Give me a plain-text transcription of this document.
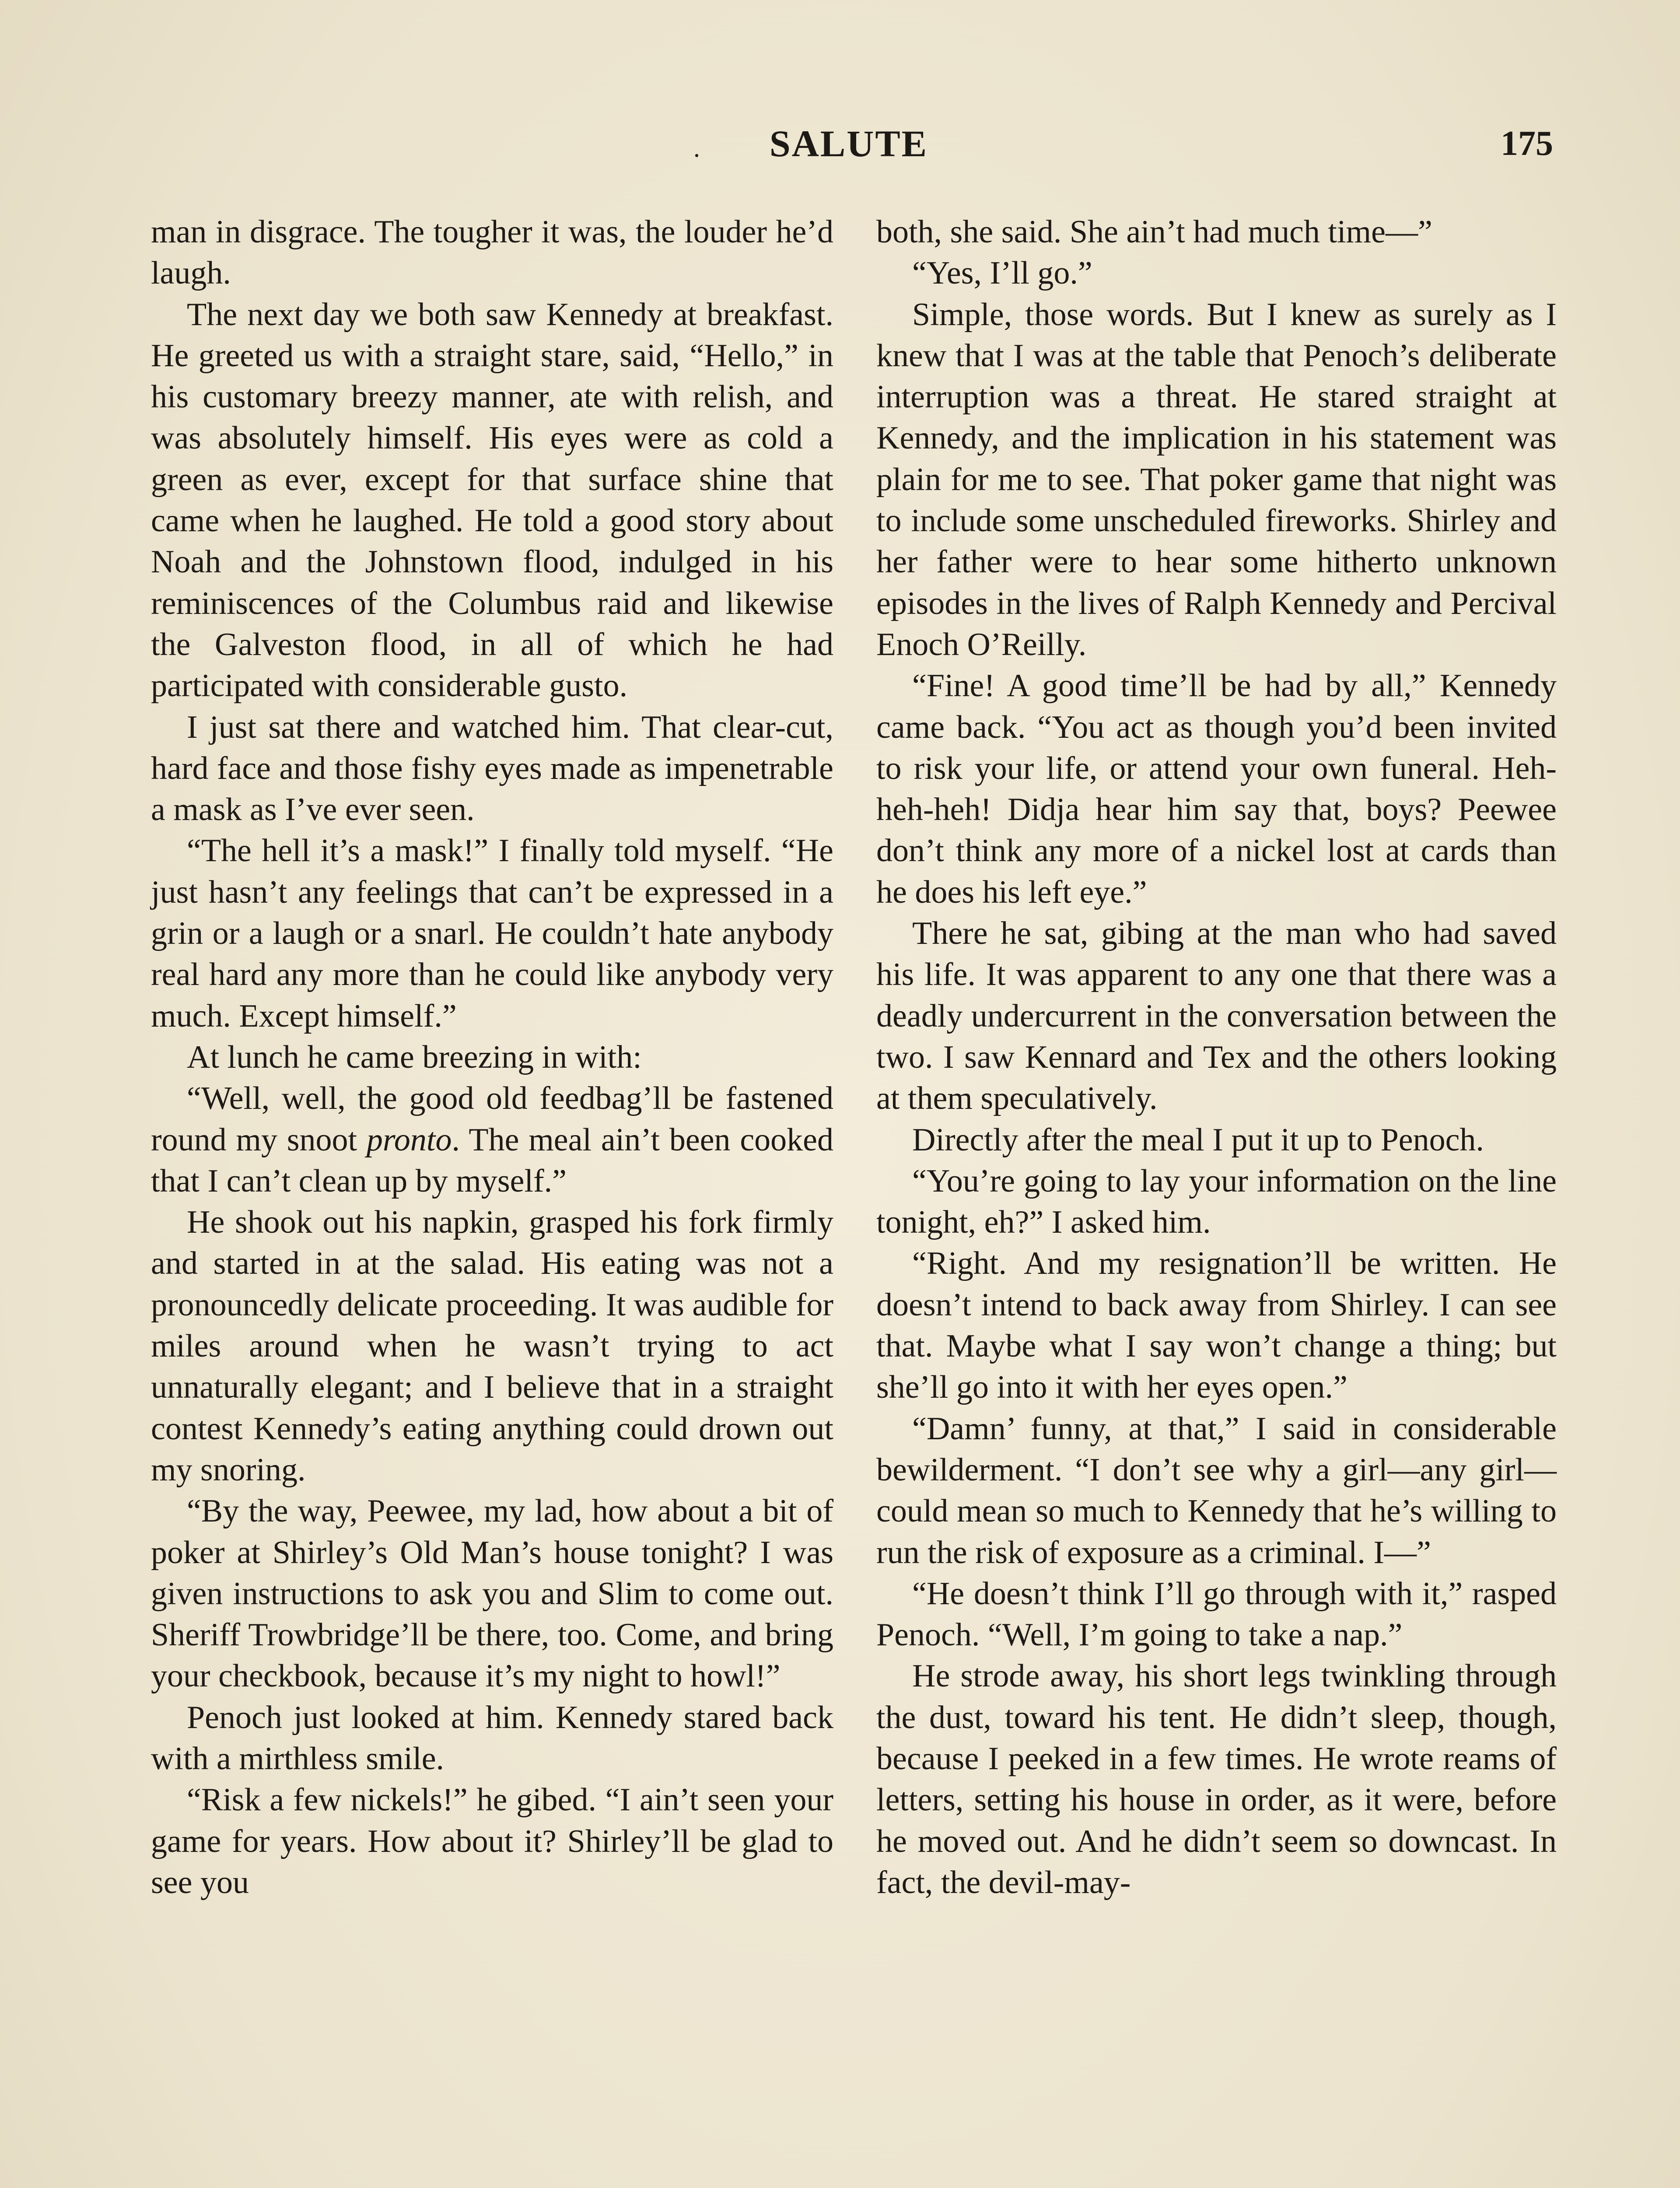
.	SALUTE	175

man in disgrace. The tougher it was, the louder he’d laugh.

The next day we both saw Kennedy at breakfast. He greeted us with a straight stare, said, “Hello,” in his customary breezy manner, ate with relish, and was absolutely himself. His eyes were as cold a green as ever, except for that surface shine that came when he laughed. He told a good story about Noah and the Johnstown flood, indulged in his reminiscences of the Columbus raid and likewise the Galveston flood, in all of which he had participated with considerable gusto.

I just sat there and watched him. That clear-cut, hard face and those fishy eyes made as impenetrable a mask as I’ve ever seen.

“The hell it’s a mask!” I finally told myself. “He just hasn’t any feelings that can’t be expressed in a grin or a laugh or a snarl. He couldn’t hate anybody real hard any more than he could like anybody very much. Except himself.”

At lunch he came breezing in with:

“Well, well, the good old feedbag’ll be fastened round my snoot pronto. The meal ain’t been cooked that I can’t clean up by myself.”

He shook out his napkin, grasped his fork firmly and started in at the salad. His eating was not a pronouncedly delicate proceeding. It was audible for miles around when he wasn’t trying to act unnaturally elegant; and I believe that in a straight contest Kennedy’s eating anything could drown out my snoring.

“By the way, Peewee, my lad, how about a bit of poker at Shirley’s Old Man’s house tonight? I was given instructions to ask you and Slim to come out. Sheriff Trowbridge’ll be there, too. Come, and bring your checkbook, because it’s my night to howl!”

Penoch just looked at him. Kennedy stared back with a mirthless smile.

“Risk a few nickels!” he gibed. “I ain’t seen your game for years. How about it? Shirley’ll be glad to see you

both, she said. She ain’t had much time—”

“Yes, I’ll go.”

Simple, those words. But I knew as surely as I knew that I was at the table that Penoch’s deliberate interruption was a threat. He stared straight at Kennedy, and the implication in his statement was plain for me to see. That poker game that night was to include some unscheduled fireworks. Shirley and her father were to hear some hitherto unknown episodes in the lives of Ralph Kennedy and Percival Enoch O’Reilly.

“Fine! A good time’ll be had by all,” Kennedy came back. “You act as though you’d been invited to risk your life, or attend your own funeral. Heh-heh-heh! Didja hear him say that, boys? Peewee don’t think any more of a nickel lost at cards than he does his left eye.”

There he sat, gibing at the man who had saved his life. It was apparent to any one that there was a deadly undercurrent in the conversation between the two. I saw Kennard and Tex and the others looking at them speculatively.

Directly after the meal I put it up to Penoch.

“You’re going to lay your information on the line tonight, eh?” I asked him.

“Right. And my resignation’ll be written. He doesn’t intend to back away from Shirley. I can see that. Maybe what I say won’t change a thing; but she’ll go into it with her eyes open.”

“Damn’ funny, at that,” I said in considerable bewilderment. “I don’t see why a girl—any girl—could mean so much to Kennedy that he’s willing to run the risk of exposure as a criminal. I—”

“He doesn’t think I’ll go through with it,” rasped Penoch. “Well, I’m going to take a nap.”

He strode away, his short legs twinkling through the dust, toward his tent. He didn’t sleep, though, because I peeked in a few times. He wrote reams of letters, setting his house in order, as it were, before he moved out. And he didn’t seem so downcast. In fact, the devil-may-
